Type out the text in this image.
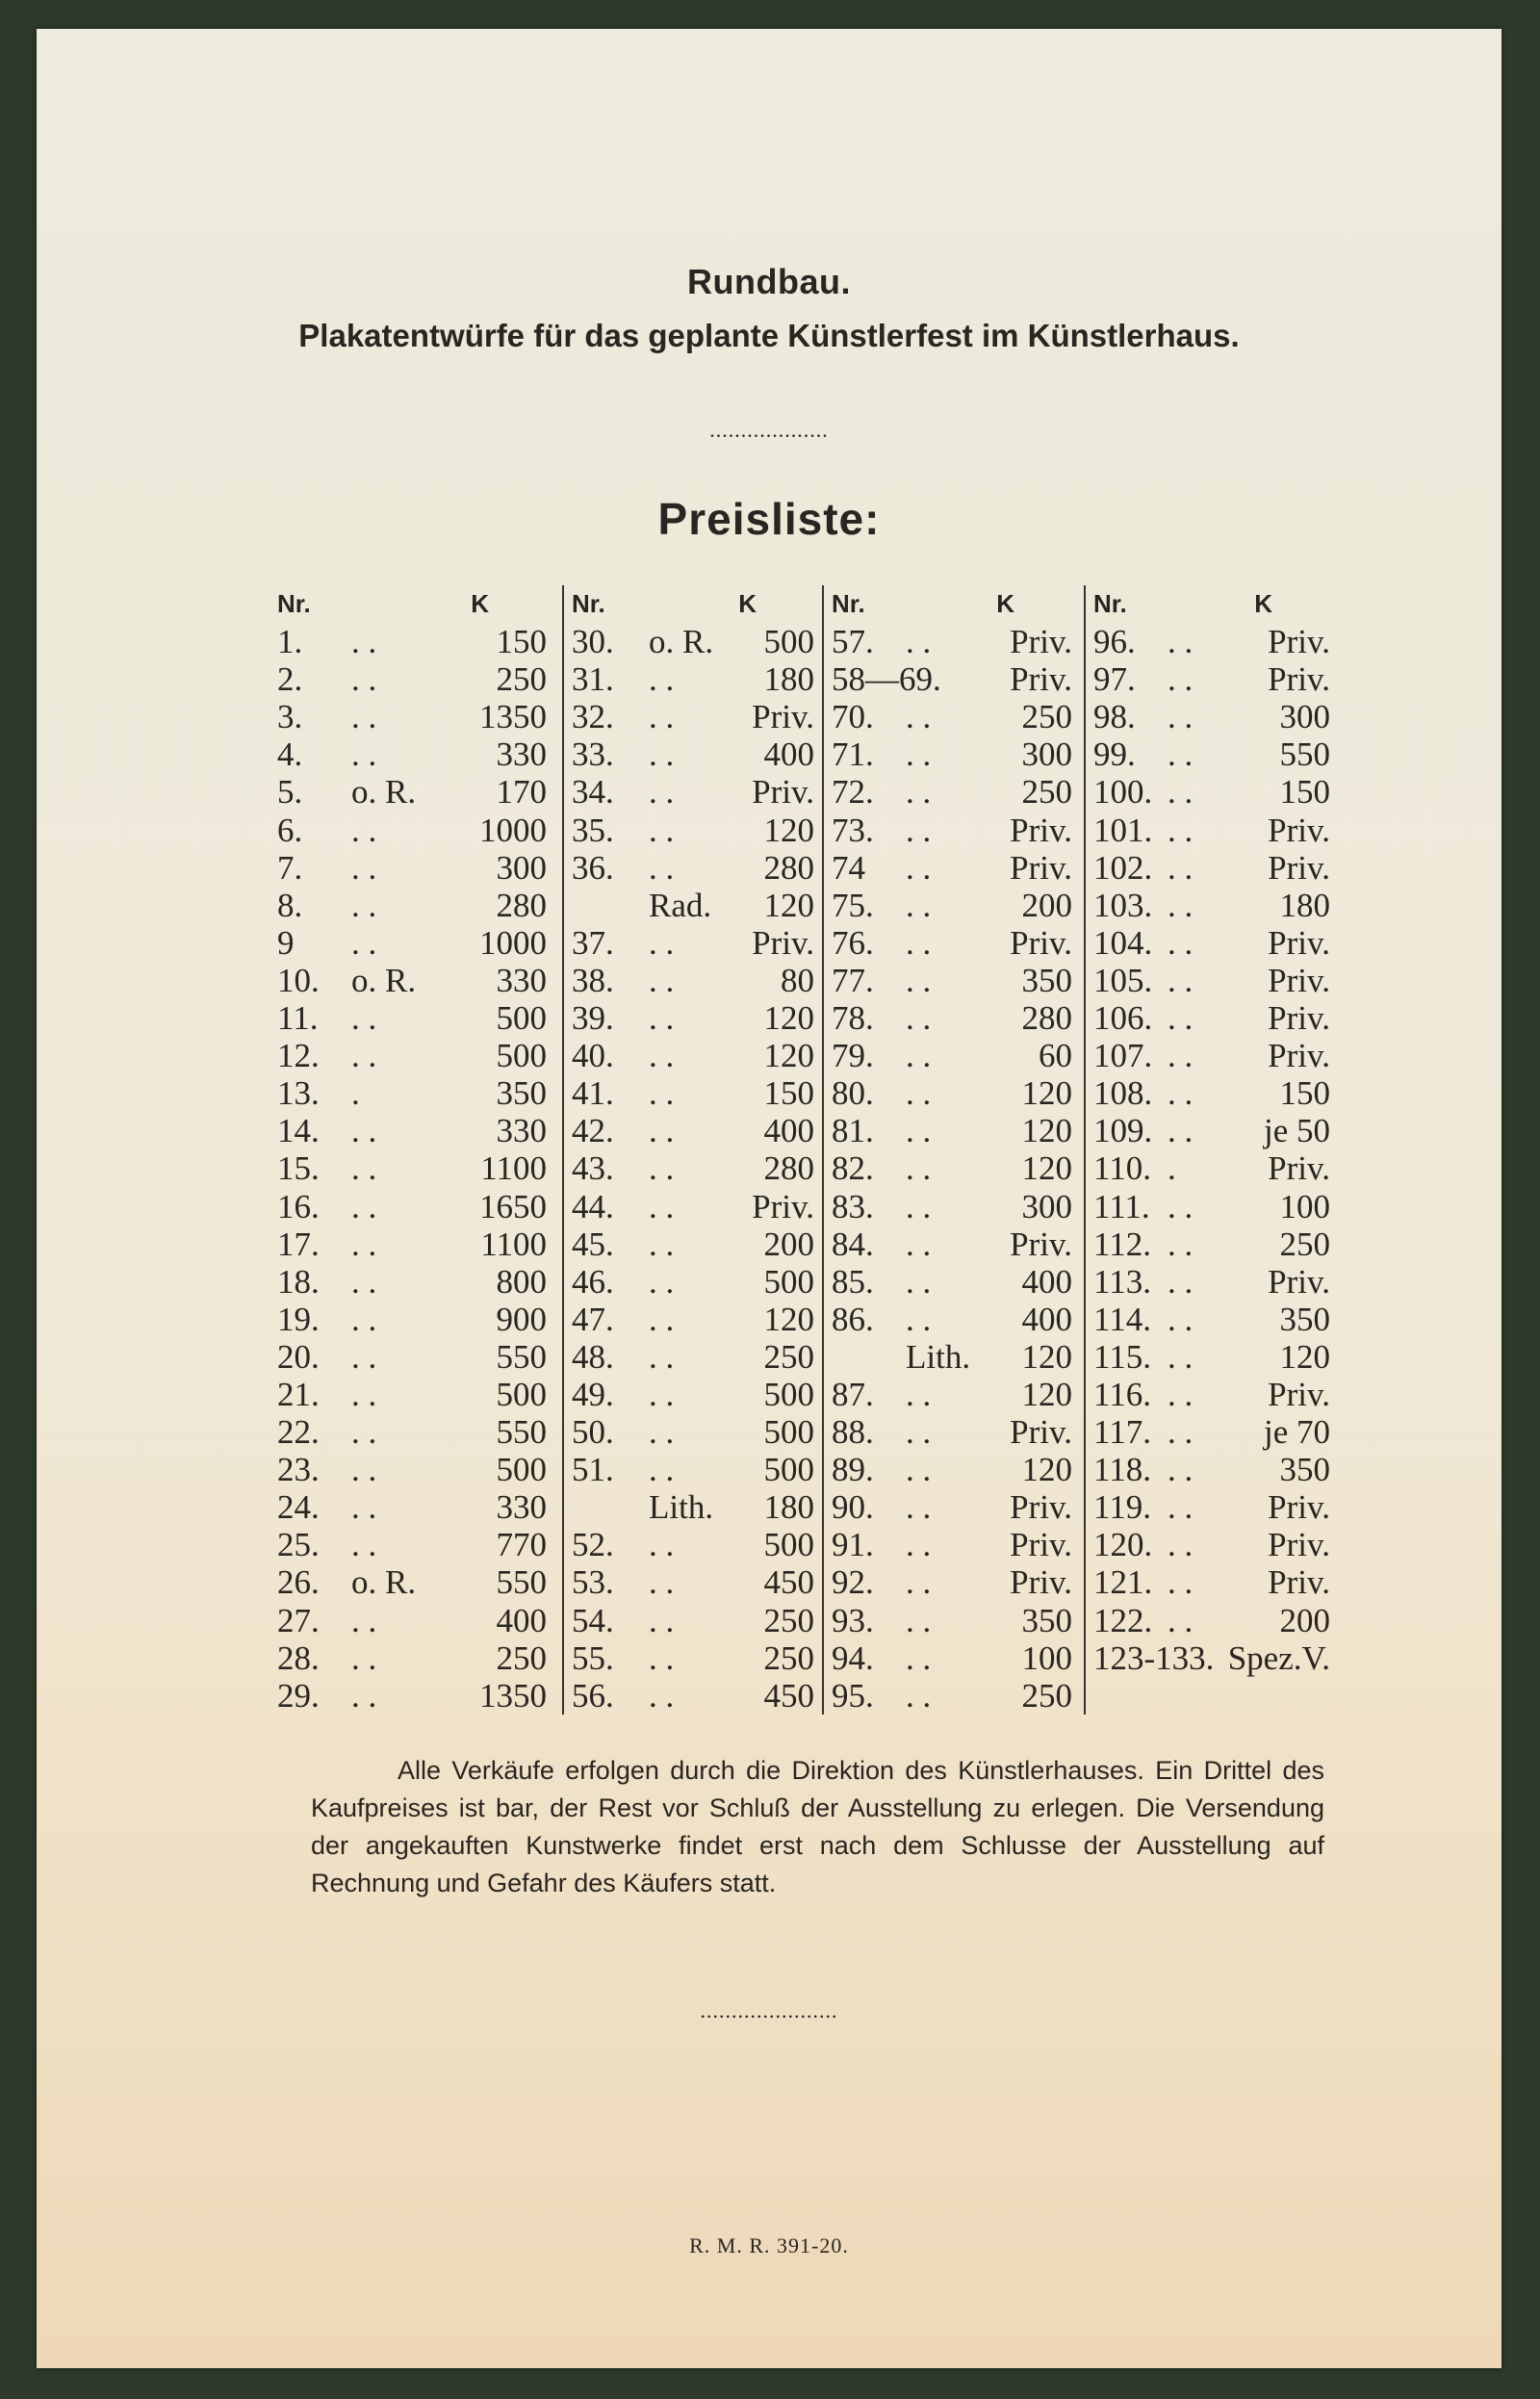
Rundbau.
Plakatentwürfe für das geplante Künstlerfest im Künstlerhaus.
...................
Preisliste:
Nr.	K
1. . .	150
2. . .	250
3. . .	1350
4. . .	330
5. o. R. 170
6. . .	1000
7. . .	300
8. . .	280
9 . .	1000
10. o. R. 330
11. . .	500
12. . .	500
13. .	350
14. . .	330
15. . .	1100
16. . .	1650
17. . .	1100
18. . .	800
19. . .	900
20. . .	550
21. . .	500
22. . .	550
23. . .	500
24. . .	330
25. . .	770
26. o. R. 550
27. . .	400
28. . .	250
29. . .	1350
Nr.	K
30. o. R. 500
31. . .	180
32. . . Priv.
33. . .	400
34. . . Priv.
35. . .	120
36. . .	280
Rad. 120
37. . . Priv.
38. . .	80
39. . .	120
40. . .	120
41. . .	150
42. . .	400
43. . .	280
44. . . Priv.
45. . .	200
46. . .	500
47. . .	120
48. . .	250
49. . .	500
50. . .	500
51. . .	500
Lith. 180
52. . .	500
53. . .	450
54. . .	250
55. . .	250
56. . .	450
Nr.	K
57. . . Priv.
58—69. Priv.
70. . .	250
71. . .	300
72. . .	250
73. . . Priv.
74 . . Priv.
75. . .	200
76. . . Priv.
77. . .	350
78. . .	280
79. . .	60
80. . .	120
81. . .	120
82. . .	120
83. . .	300
84. . . Priv.
85. . .	400
86. . .	400
Lith. 120
87. . .	120
88. . . Priv.
89. . .	120
90. . . Priv.
91. . . Priv.
92. . . Priv.
93. . .	350
94. . .	100
95. . .	250
Nr.	K
96. . . Priv.
97. . . Priv.
98. . .	300
99. . .	550
100. . .	150
101. . . Priv.
102. . . Priv.
103. . .	180
104. . . Priv.
105. . . Priv.
106. . . Priv.
107. . . Priv.
108. . .	150
109. . . je 50
110. .	Priv.
111. . .	100
112. . .	250
113. . . Priv.
114. . .	350
115. . .	120
116. . . Priv.
117. . . je 70
118. . .	350
119. . . Priv.
120. . . Priv.
121. . . Priv.
122. . .	200
123-133. Spez.V.
Alle Verkäufe erfolgen durch die Direktion des Künstlerhauses. Ein Drittel des Kaufpreises ist bar, der Rest vor Schluß der Ausstellung zu erlegen. Die Versendung der angekauften Kunstwerke findet erst nach dem Schlusse der Ausstellung auf Rechnung und Gefahr des Käufers statt.
......................
R. M. R. 391-20.
